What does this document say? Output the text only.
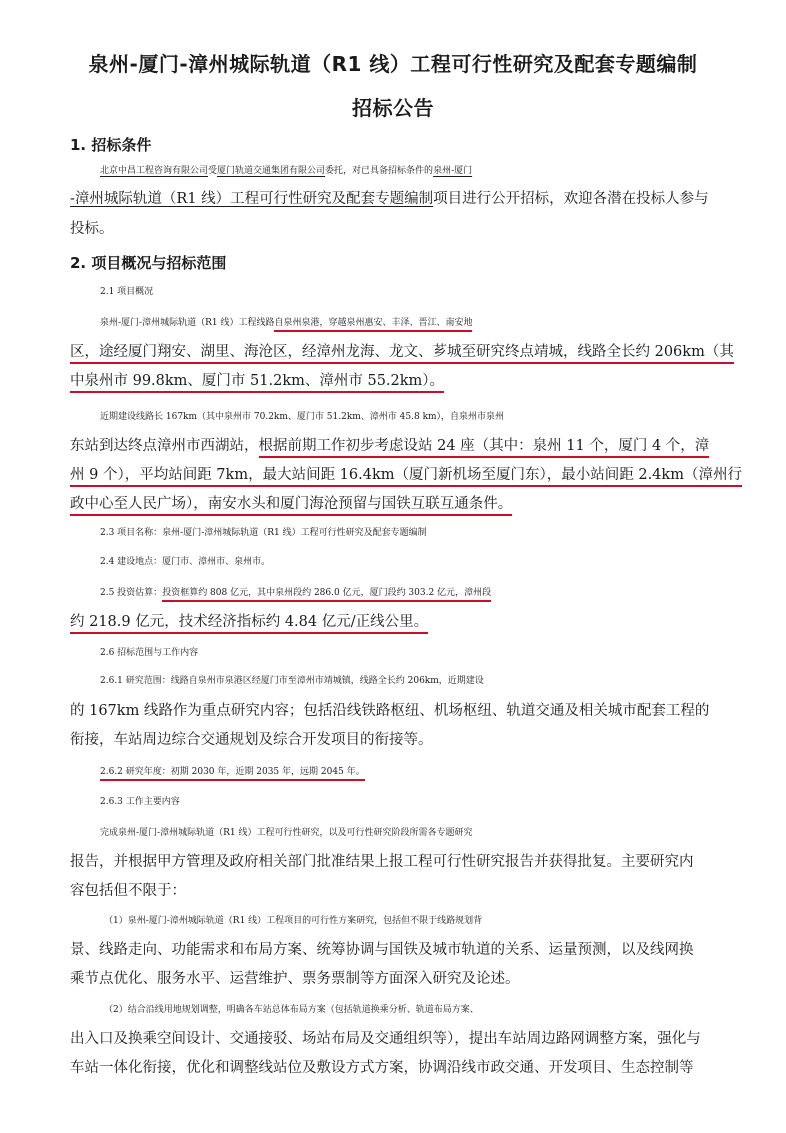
泉州-厦门-漳州城际轨道（R1 线）工程可行性研究及配套专题编制
招标公告
1. 招标条件
北京中昌工程咨询有限公司受厦门轨道交通集团有限公司委托，对已具备招标条件的泉州-厦门
-漳州城际轨道（R1 线）工程可行性研究及配套专题编制项目进行公开招标，欢迎各潜在投标人参与
投标。
2. 项目概况与招标范围
2.1 项目概况
泉州-厦门-漳州城际轨道（R1 线）工程线路自泉州泉港，穿越泉州惠安、丰泽、晋江、南安地
区，途经厦门翔安、湖里、海沧区，经漳州龙海、龙文、芗城至研究终点靖城，线路全长约 206km（其
中泉州市 99.8km、厦门市 51.2km、漳州市 55.2km）。
近期建设线路长 167km（其中泉州市 70.2km、厦门市 51.2km、漳州市 45.8 km），自泉州市泉州
东站到达终点漳州市西湖站，根据前期工作初步考虑设站 24 座（其中：泉州 11 个，厦门 4 个，漳
州 9 个），平均站间距 7km，最大站间距 16.4km（厦门新机场至厦门东），最小站间距 2.4km（漳州行
政中心至人民广场），南安水头和厦门海沧预留与国铁互联互通条件。
2.3 项目名称：泉州-厦门-漳州城际轨道（R1 线）工程可行性研究及配套专题编制
2.4 建设地点：厦门市、漳州市、泉州市。
2.5 投资估算：投资框算约 808 亿元，其中泉州段约 286.0 亿元，厦门段约 303.2 亿元，漳州段
约 218.9 亿元，技术经济指标约 4.84 亿元/正线公里。
2.6 招标范围与工作内容
2.6.1 研究范围：线路自泉州市泉港区经厦门市至漳州市靖城镇，线路全长约 206km，近期建设
的 167km 线路作为重点研究内容；包括沿线铁路枢纽、机场枢纽、轨道交通及相关城市配套工程的
衔接，车站周边综合交通规划及综合开发项目的衔接等。
2.6.2 研究年度：初期 2030 年，近期 2035 年，远期 2045 年。
2.6.3 工作主要内容
完成泉州-厦门-漳州城际轨道（R1 线）工程可行性研究，以及可行性研究阶段所需各专题研究
报告，并根据甲方管理及政府相关部门批准结果上报工程可行性研究报告并获得批复。主要研究内
容包括但不限于：
（1）泉州-厦门-漳州城际轨道（R1 线）工程项目的可行性方案研究，包括但不限于线路规划背
景、线路走向、功能需求和布局方案、统筹协调与国铁及城市轨道的关系、运量预测，以及线网换
乘节点优化、服务水平、运营维护、票务票制等方面深入研究及论述。
（2）结合沿线用地规划调整，明确各车站总体布局方案（包括轨道换乘分析、轨道布局方案、
出入口及换乘空间设计、交通接驳、场站布局及交通组织等），提出车站周边路网调整方案，强化与
车站一体化衔接，优化和调整线站位及敷设方式方案，协调沿线市政交通、开发项目、生态控制等
